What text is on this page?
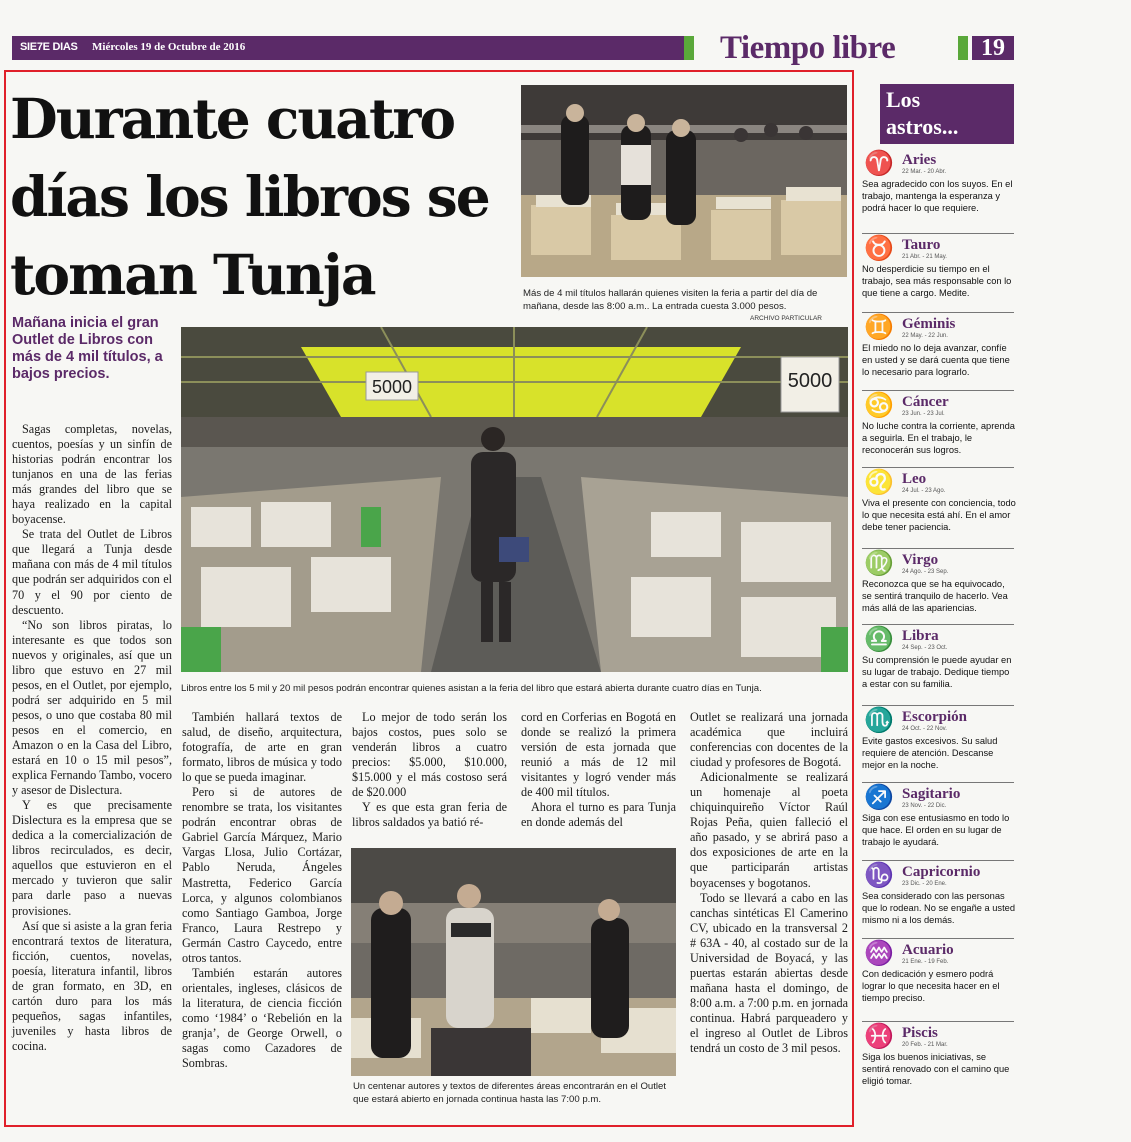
SIE7E DIAS Miércoles 19 de Octubre de 2016	Tiempo libre	19
Durante cuatro
días los libros se
toman Tunja	Más de 4 mil títulos hallarán quienes visiten la feria a partir del día de mañana, desde las 8:00 a.m.. La entrada cuesta 3.000 pesos.
ARCHIVO PARTICULAR
Mañana inicia el gran Outlet de Libros con más de 4 mil títulos, a bajos precios.
5000	5000
Libros entre los 5 mil y 20 mil pesos podrán encontrar quienes asistan a la feria del libro que estará abierta durante cuatro días en Tunja.

Sagas completas, novelas, cuentos, poesías y un sinfín de historias podrán encontrar los tunjanos en una de las ferias más grandes del libro que se haya realizado en la capital boyacense.

Se trata del Outlet de Libros que llegará a Tunja desde mañana con más de 4 mil títulos que podrán ser adquiridos con el 70 y el 90 por ciento de descuento.

“No son libros piratas, lo interesante es que todos son nuevos y originales, así que un libro que estuvo en 27 mil pesos, en el Outlet, por ejemplo, podrá ser adquirido en 5 mil pesos, o uno que costaba 80 mil pesos en el comercio, en Amazon o en la Casa del Libro, estará en 10 o 15 mil pesos”, explica Fernando Tambo, vocero y asesor de Dislectura.

Y es que precisamente Dislectura es la empresa que se dedica a la comercialización de libros recirculados, es decir, aquellos que estuvieron en el mercado y tuvieron que salir para darle paso a nuevas provisiones.

Así que si asiste a la gran feria encontrará textos de literatura, ficción, cuentos, novelas, poesía, literatura infantil, libros de gran formato, en 3D, en cartón duro para los más pequeños, sagas infantiles, juveniles y hasta libros de cocina.

También hallará textos de salud, de diseño, arquitectura, fotografía, de arte en gran formato, libros de música y todo lo que se pueda imaginar.

Pero si de autores de renombre se trata, los visitantes podrán encontrar obras de Gabriel García Márquez, Mario Vargas Llosa, Julio Cortázar, Pablo Neruda, Ángeles Mastretta, Federico García Lorca, y algunos colombianos como Santiago Gamboa, Jorge Franco, Laura Restrepo y Germán Castro Caycedo, entre otros tantos.

También estarán autores orientales, ingleses, clásicos de la literatura, de ciencia ficción como ‘1984’ o ‘Rebelión en la granja’, de George Orwell, o sagas como Cazadores de Sombras.

Lo mejor de todo serán los bajos costos, pues solo se venderán libros a cuatro precios: $5.000, $10.000, $15.000 y el más costoso será de $20.000

Y es que esta gran feria de libros saldados ya batió ré-

cord en Corferias en Bogotá en donde se realizó la primera versión de esta jornada que reunió a más de 12 mil visitantes y logró vender más de 400 mil títulos.

Ahora el turno es para Tunja en donde además del

Outlet se realizará una jornada académica que incluirá conferencias con docentes de la ciudad y profesores de Bogotá.

Adicionalmente se realizará un homenaje al poeta chiquinquireño Víctor Raúl Rojas Peña, quien falleció el año pasado, y se abrirá paso a dos exposiciones de arte en la que participarán artistas boyacenses y bogotanos.

Todo se llevará a cabo en las canchas sintéticas El Camerino CV, ubicado en la transversal 2 # 63A - 40, al costado sur de la Universidad de Boyacá, y las puertas estarán abiertas desde mañana hasta el domingo, de 8:00 a.m. a 7:00 p.m. en jornada continua. Habrá parqueadero y el ingreso al Outlet de Libros tendrá un costo de 3 mil pesos.

Un centenar autores y textos de diferentes áreas encontrarán en el Outlet que estará abierto en jornada continua hasta las 7:00 p.m.
Los
astros...
♈ Aries
22 Mar. - 20 Abr.
Sea agradecido con los suyos. En el trabajo, mantenga la esperanza y podrá hacer lo que requiere.
♉ Tauro
21 Abr. - 21 May.
No desperdicie su tiempo en el trabajo, sea más responsable con lo que tiene a cargo. Medite.
♊ Géminis
22 May. - 22 Jun.
El miedo no lo deja avanzar, confíe en usted y se dará cuenta que tiene lo necesario para lograrlo.
♋ Cáncer
23 Jun. - 23 Jul.
No luche contra la corriente, aprenda a seguirla. En el trabajo, le reconocerán sus logros.
♌ Leo
24 Jul. - 23 Ago.
Viva el presente con conciencia, todo lo que necesita está ahí. En el amor debe tener paciencia.
♍ Virgo
24 Ago. - 23 Sep.
Reconozca que se ha equivocado, se sentirá tranquilo de hacerlo. Vea más allá de las apariencias.
♎ Libra
24 Sep. - 23 Oct.
Su comprensión le puede ayudar en su lugar de trabajo. Dedique tiempo a estar con su familia.
♏ Escorpión
24 Oct. - 22 Nov.
Evite gastos excesivos. Su salud requiere de atención. Descanse mejor en la noche.
♐ Sagitario
23 Nov. - 22 Dic.
Siga con ese entusiasmo en todo lo que hace. El orden en su lugar de trabajo le ayudará.
♑ Capricornio
23 Dic. - 20 Ene.
Sea considerado con las personas que lo rodean. No se engañe a usted mismo ni a los demás.
♒ Acuario
21 Ene. - 19 Feb.
Con dedicación y esmero podrá lograr lo que necesita hacer en el tiempo preciso.
♓ Piscis
20 Feb. - 21 Mar.
Siga los buenos iniciativas, se sentirá renovado con el camino que eligió tomar.
